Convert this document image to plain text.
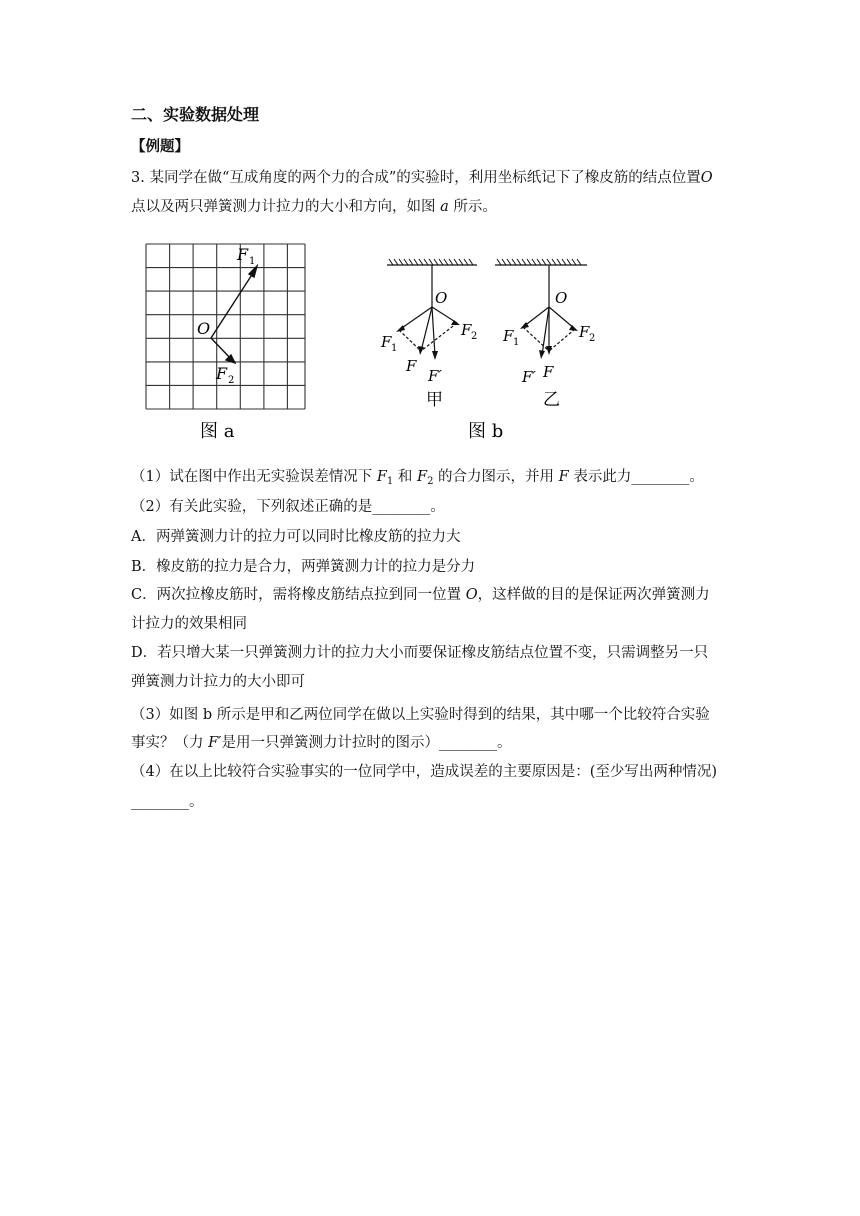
二、实验数据处理
【例题】
3. 某同学在做“互成角度的两个力的合成”的实验时，利用坐标纸记下了橡皮筋的结点位置O
点以及两只弹簧测力计拉力的大小和方向，如图 a 所示。
O
F 1
F 2
图 a
O
F 1
F 2
F
F′
甲
O
F 1
F 2
F′ F
乙
图 b
（1）试在图中作出无实验误差情况下 $F_1$ 和 $F_2$ 的合力图示，并用 F 表示此力________。
（2）有关此实验，下列叙述正确的是________。
A．两弹簧测力计的拉力可以同时比橡皮筋的拉力大
B．橡皮筋的拉力是合力，两弹簧测力计的拉力是分力
C．两次拉橡皮筋时，需将橡皮筋结点拉到同一位置 O，这样做的目的是保证两次弹簧测力
计拉力的效果相同
D．若只增大某一只弹簧测力计的拉力大小而要保证橡皮筋结点位置不变，只需调整另一只
弹簧测力计拉力的大小即可
（3）如图 b 所示是甲和乙两位同学在做以上实验时得到的结果，其中哪一个比较符合实验
事实？（力 F′是用一只弹簧测力计拉时的图示）________。
（4）在以上比较符合实验事实的一位同学中，造成误差的主要原因是：(至少写出两种情况)
________。
